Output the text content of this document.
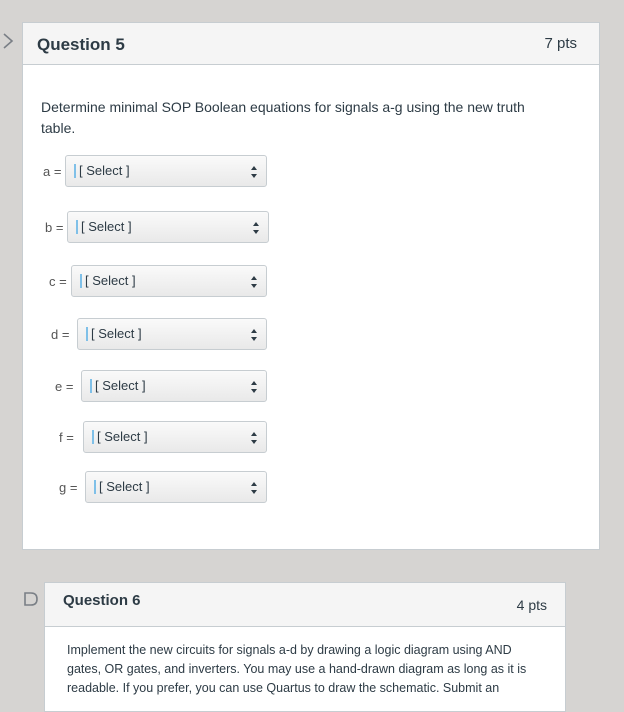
Question 5	7 pts
Determine minimal SOP Boolean equations for signals a-g using the new truth
table.
a =	[ Select ]
b =	[ Select ]
c =	[ Select ]
d =	[ Select ]
e =	[ Select ]
f =	[ Select ]
g =	[ Select ]
Question 6	4 pts
Implement the new circuits for signals a-d by drawing a logic diagram using AND
gates, OR gates, and inverters. You may use a hand-drawn diagram as long as it is
readable. If you prefer, you can use Quartus to draw the schematic. Submit an
